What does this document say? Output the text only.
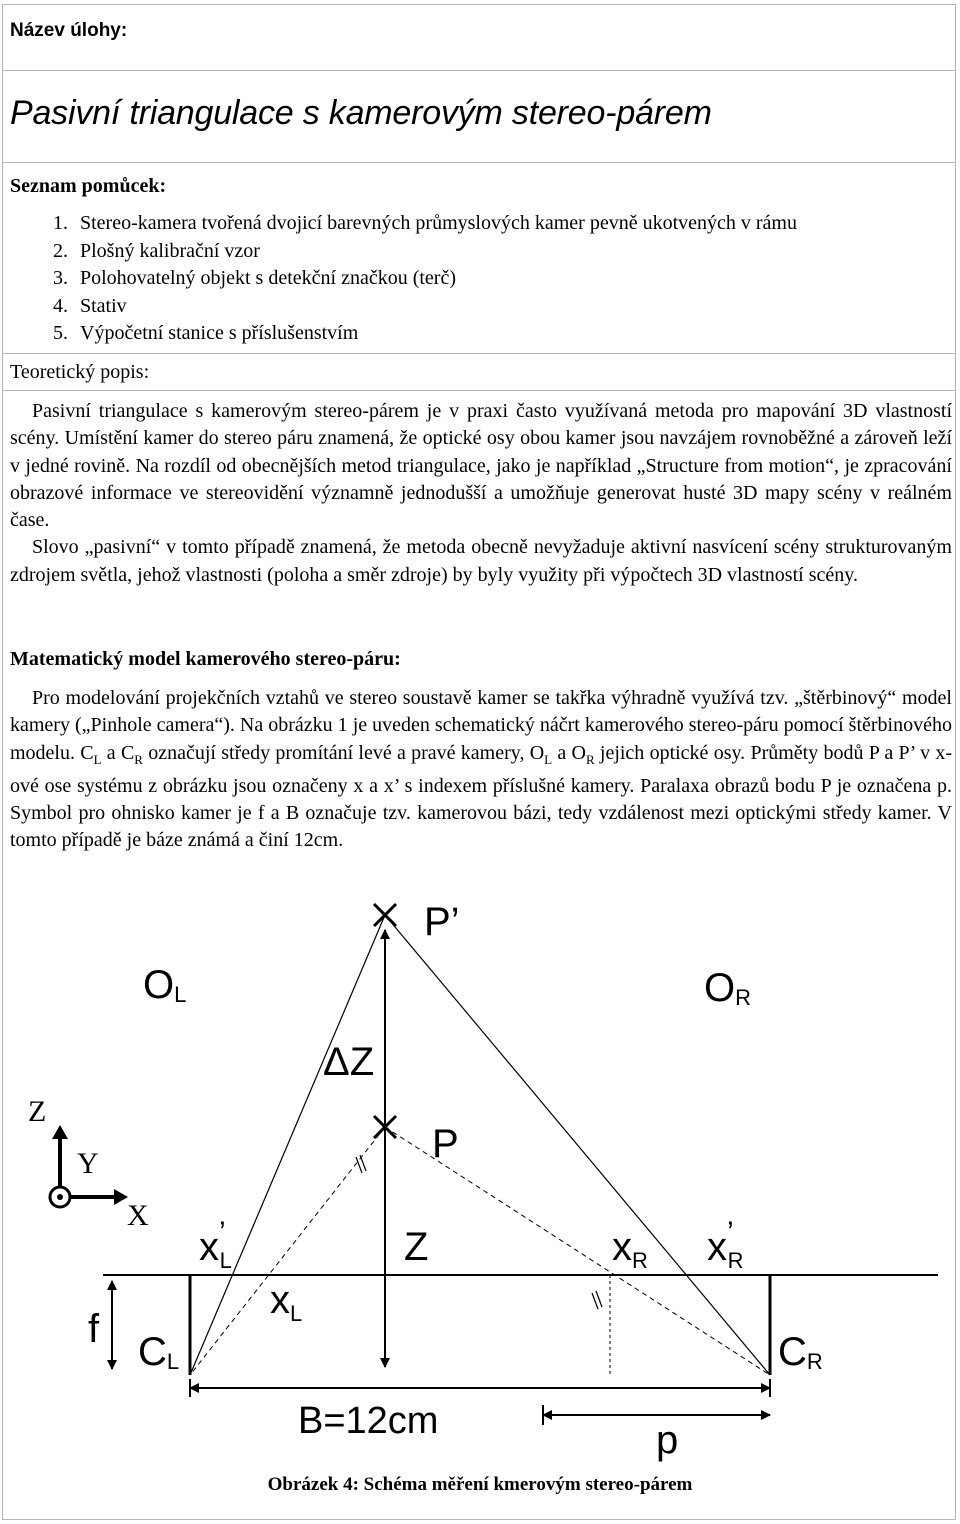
Název úlohy:
Pasivní triangulace s kamerovým stereo-párem
Seznam pomůcek:
1. Stereo-kamera tvořená dvojicí barevných průmyslových kamer pevně ukotvených v rámu
2. Plošný kalibrační vzor
3. Polohovatelný objekt s detekční značkou (terč)
4. Stativ
5. Výpočetní stanice s příslušenstvím
Teoretický popis:
Pasivní triangulace s kamerovým stereo-párem je v praxi často využívaná metoda pro mapování 3D vlastností scény. Umístění kamer do stereo páru znamená, že optické osy obou kamer jsou navzájem rovnoběžné a zároveň leží v jedné rovině. Na rozdíl od obecnějších metod triangulace, jako je například „Structure from motion“, je zpracování obrazové informace ve stereovidění významně jednodušší a umožňuje generovat husté 3D mapy scény v reálném čase.
Slovo „pasivní“ v tomto případě znamená, že metoda obecně nevyžaduje aktivní nasvícení scény strukturovaným zdrojem světla, jehož vlastnosti (poloha a směr zdroje) by byly využity při výpočtech 3D vlastností scény.
Matematický model kamerového stereo-páru:
Pro modelování projekčních vztahů ve stereo soustavě kamer se takřka výhradně využívá tzv. „štěrbinový“ model kamery („Pinhole camera“). Na obrázku 1 je uveden schematický náčrt kamerového stereo-páru pomocí štěrbinového modelu. $C_L$ a $C_R$ označují středy promítání levé a pravé kamery, $O_L$ a $O_R$ jejich optické osy. Průměty bodů P a P’ v x-ové ose systému z obrázku jsou označeny x a x’ s indexem příslušné kamery. Paralaxa obrazů bodu P je označena p. Symbol pro ohnisko kamer je f a B označuje tzv. kamerovou bázi, tedy vzdálenost mezi optickými středy kamer. V tomto případě je báze známá a činí 12cm.
Z
Y
X
P’
OL	OR
ΔZ
P
x’ L	Z	$x_R$ x’ R
$x_L$
f
CL	CR
B=12cm	p
Obrázek 4: Schéma měření kmerovým stereo-párem
